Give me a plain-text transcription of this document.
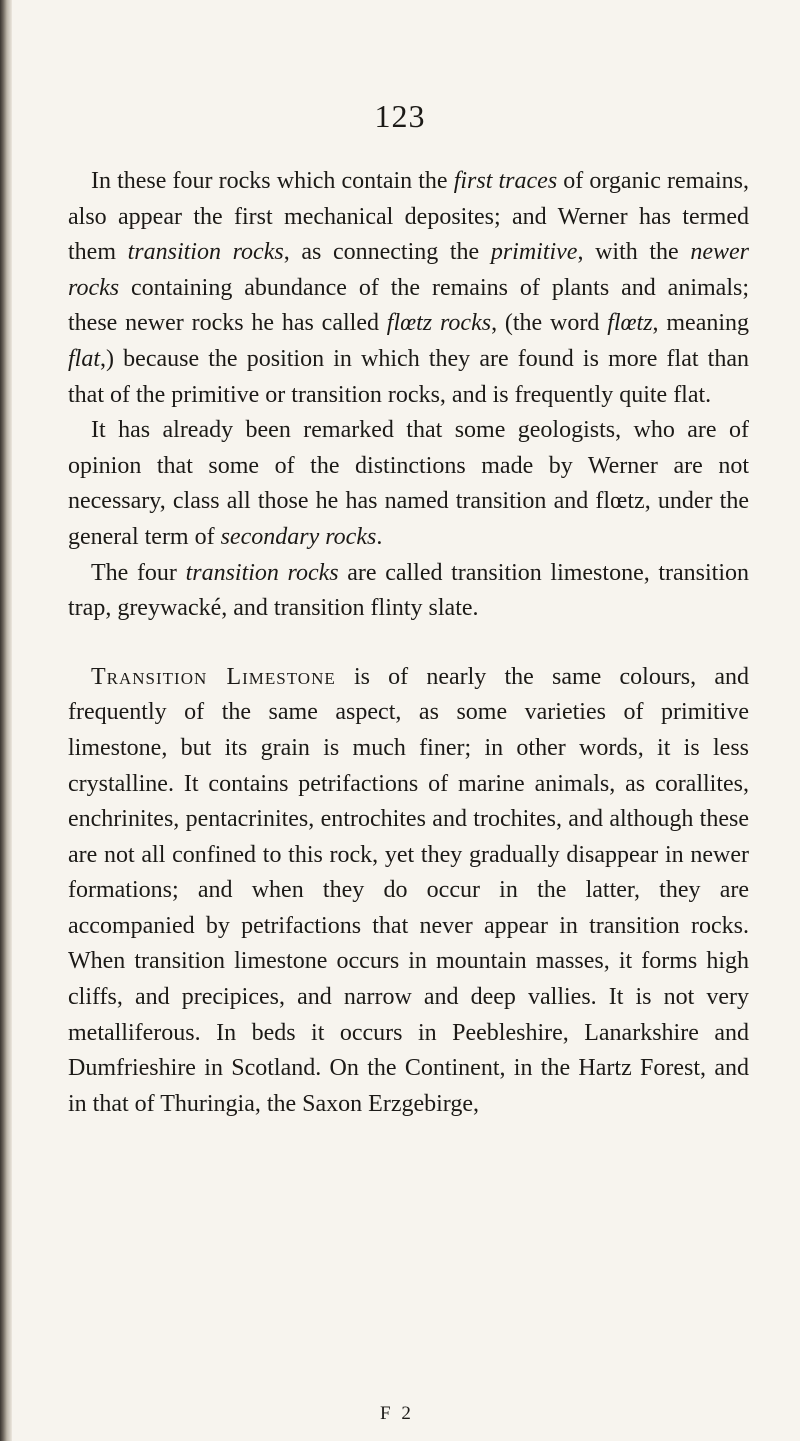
123

In these four rocks which contain the first traces of organic remains, also appear the first mechanical deposites; and Werner has termed them transition rocks, as connecting the primitive, with the newer rocks containing abundance of the remains of plants and animals; these newer rocks he has called flœtz rocks, (the word flœtz, meaning flat,) because the position in which they are found is more flat than that of the primitive or transition rocks, and is frequently quite flat.

It has already been remarked that some geologists, who are of opinion that some of the distinctions made by Werner are not necessary, class all those he has named transition and flœtz, under the general term of secondary rocks.

The four transition rocks are called transition limestone, transition trap, greywacké, and transition flinty slate.

Transition Limestone is of nearly the same colours, and frequently of the same aspect, as some varieties of primitive limestone, but its grain is much finer; in other words, it is less crystalline. It contains petrifactions of marine animals, as corallites, enchrinites, pentacrinites, entrochites and trochites, and although these are not all confined to this rock, yet they gradually disappear in newer formations; and when they do occur in the latter, they are accompanied by petrifactions that never appear in transition rocks. When transition limestone occurs in mountain masses, it forms high cliffs, and precipices, and narrow and deep vallies. It is not very metalliferous. In beds it occurs in Peebleshire, Lanarkshire and Dumfrieshire in Scotland. On the Continent, in the Hartz Forest, and in that of Thuringia, the Saxon Erzgebirge,

F 2
